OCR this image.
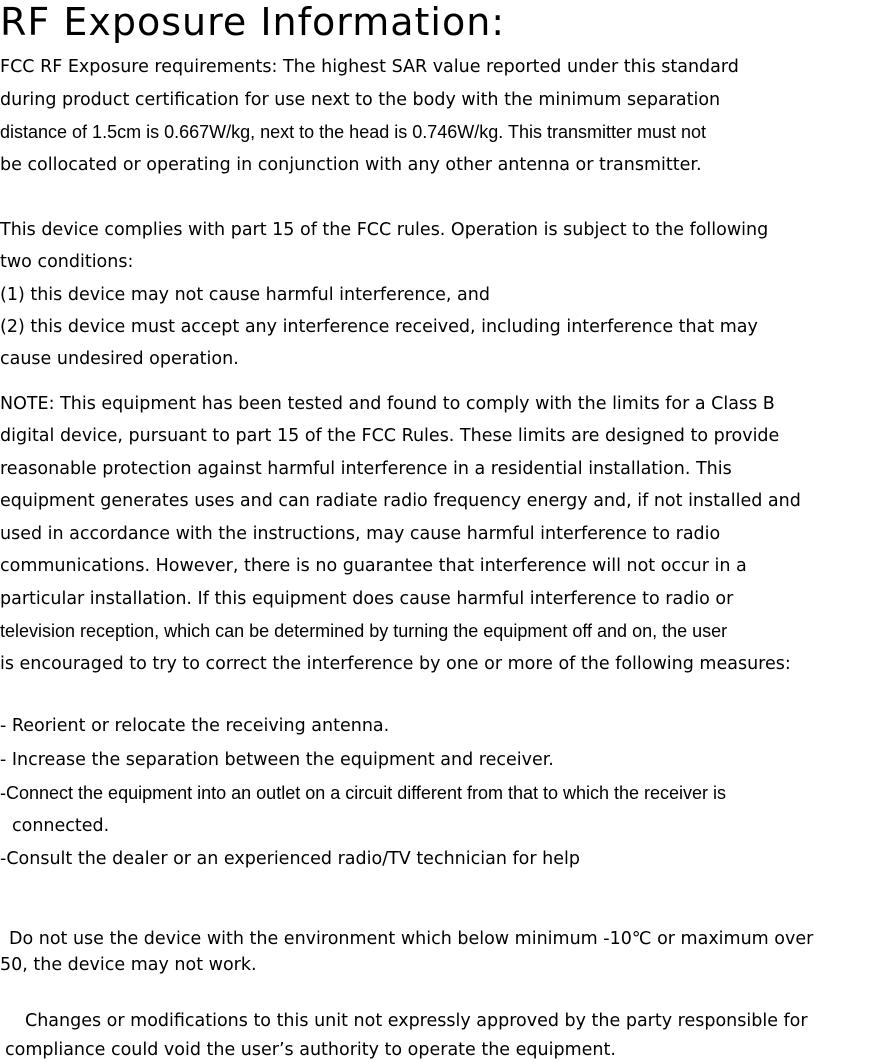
RF Exposure Information:
FCC RF Exposure requirements: The highest SAR value reported under this standard
during product certification for use next to the body with the minimum separation
distance of 1.5cm is 0.667W/kg, next to the head is 0.746W/kg. This transmitter must not
be collocated or operating in conjunction with any other antenna or transmitter.
This device complies with part 15 of the FCC rules. Operation is subject to the following
two conditions:
(1) this device may not cause harmful interference, and
(2) this device must accept any interference received, including interference that may
cause undesired operation.
NOTE: This equipment has been tested and found to comply with the limits for a Class B
digital device, pursuant to part 15 of the FCC Rules. These limits are designed to provide
reasonable protection against harmful interference in a residential installation. This
equipment generates uses and can radiate radio frequency energy and, if not installed and
used in accordance with the instructions, may cause harmful interference to radio
communications. However, there is no guarantee that interference will not occur in a
particular installation. If this equipment does cause harmful interference to radio or
television reception, which can be determined by turning the equipment off and on, the user
is encouraged to try to correct the interference by one or more of the following measures:
- Reorient or relocate the receiving antenna.
- Increase the separation between the equipment and receiver.
-Connect the equipment into an outlet on a circuit different from that to which the receiver is
connected.
-Consult the dealer or an experienced radio/TV technician for help
Do not use the device with the environment which below minimum -10℃ or maximum over
50, the device may not work.
Changes or modifications to this unit not expressly approved by the party responsible for
compliance could void the user’s authority to operate the equipment.
